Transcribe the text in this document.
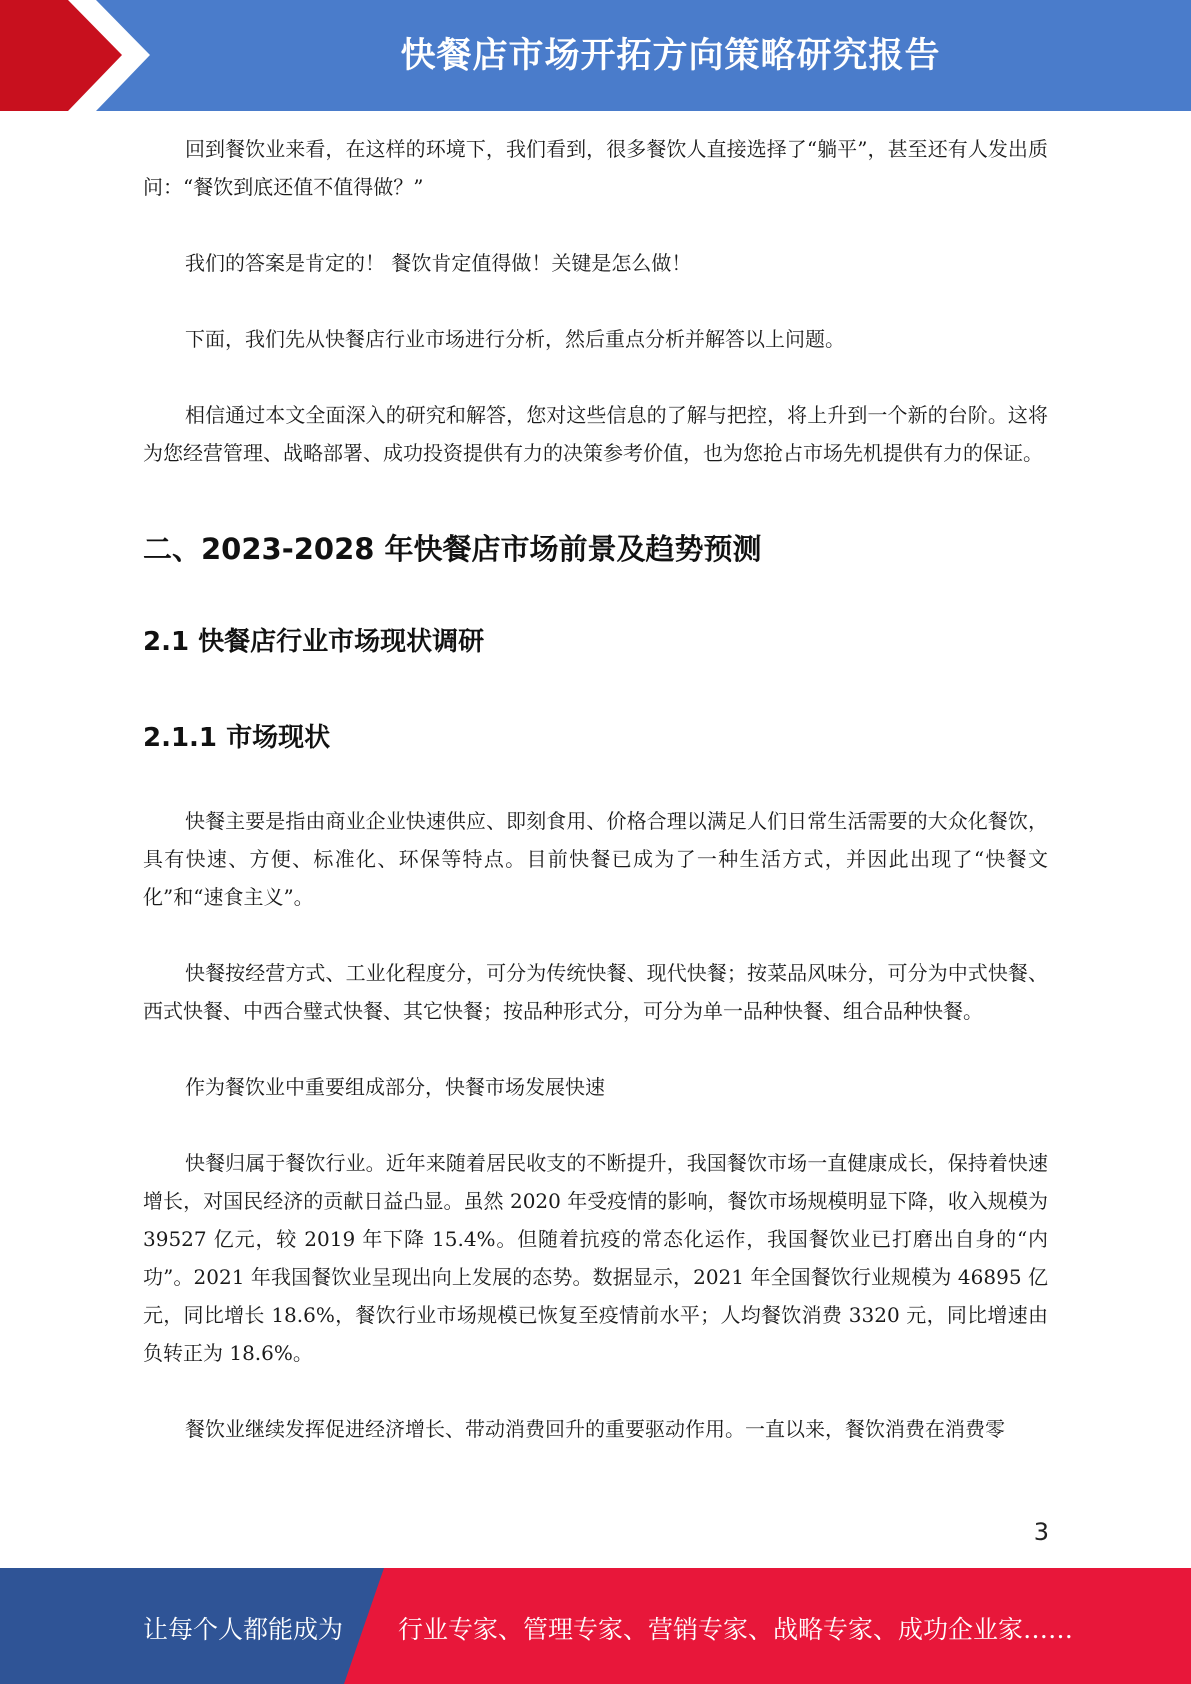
快餐店市场开拓方向策略研究报告

回到餐饮业来看，在这样的环境下，我们看到，很多餐饮人直接选择了“躺平”，甚至还有人发出质问：“餐饮到底还值不值得做？”

我们的答案是肯定的！ 餐饮肯定值得做！关键是怎么做！

下面，我们先从快餐店行业市场进行分析，然后重点分析并解答以上问题。

相信通过本文全面深入的研究和解答，您对这些信息的了解与把控，将上升到一个新的台阶。这将为您经营管理、战略部署、成功投资提供有力的决策参考价值，也为您抢占市场先机提供有力的保证。

二、2023-2028 年快餐店市场前景及趋势预测
2.1 快餐店行业市场现状调研
2.1.1 市场现状

快餐主要是指由商业企业快速供应、即刻食用、价格合理以满足人们日常生活需要的大众化餐饮，具有快速、方便、标准化、环保等特点。目前快餐已成为了一种生活方式，并因此出现了“快餐文化”和“速食主义”。

快餐按经营方式、工业化程度分，可分为传统快餐、现代快餐；按菜品风味分，可分为中式快餐、西式快餐、中西合璧式快餐、其它快餐；按品种形式分，可分为单一品种快餐、组合品种快餐。

作为餐饮业中重要组成部分，快餐市场发展快速

快餐归属于餐饮行业。近年来随着居民收支的不断提升，我国餐饮市场一直健康成长，保持着快速增长，对国民经济的贡献日益凸显。虽然 2020 年受疫情的影响，餐饮市场规模明显下降，收入规模为 39527 亿元，较 2019 年下降 15.4%。但随着抗疫的常态化运作，我国餐饮业已打磨出自身的“内功”。2021 年我国餐饮业呈现出向上发展的态势。数据显示，2021 年全国餐饮行业规模为 46895 亿元，同比增长 18.6%，餐饮行业市场规模已恢复至疫情前水平；人均餐饮消费 3320 元，同比增速由负转正为 18.6%。

餐饮业继续发挥促进经济增长、带动消费回升的重要驱动作用。一直以来，餐饮消费在消费零

3
让每个人都能成为 行业专家、管理专家、营销专家、战略专家、成功企业家……
